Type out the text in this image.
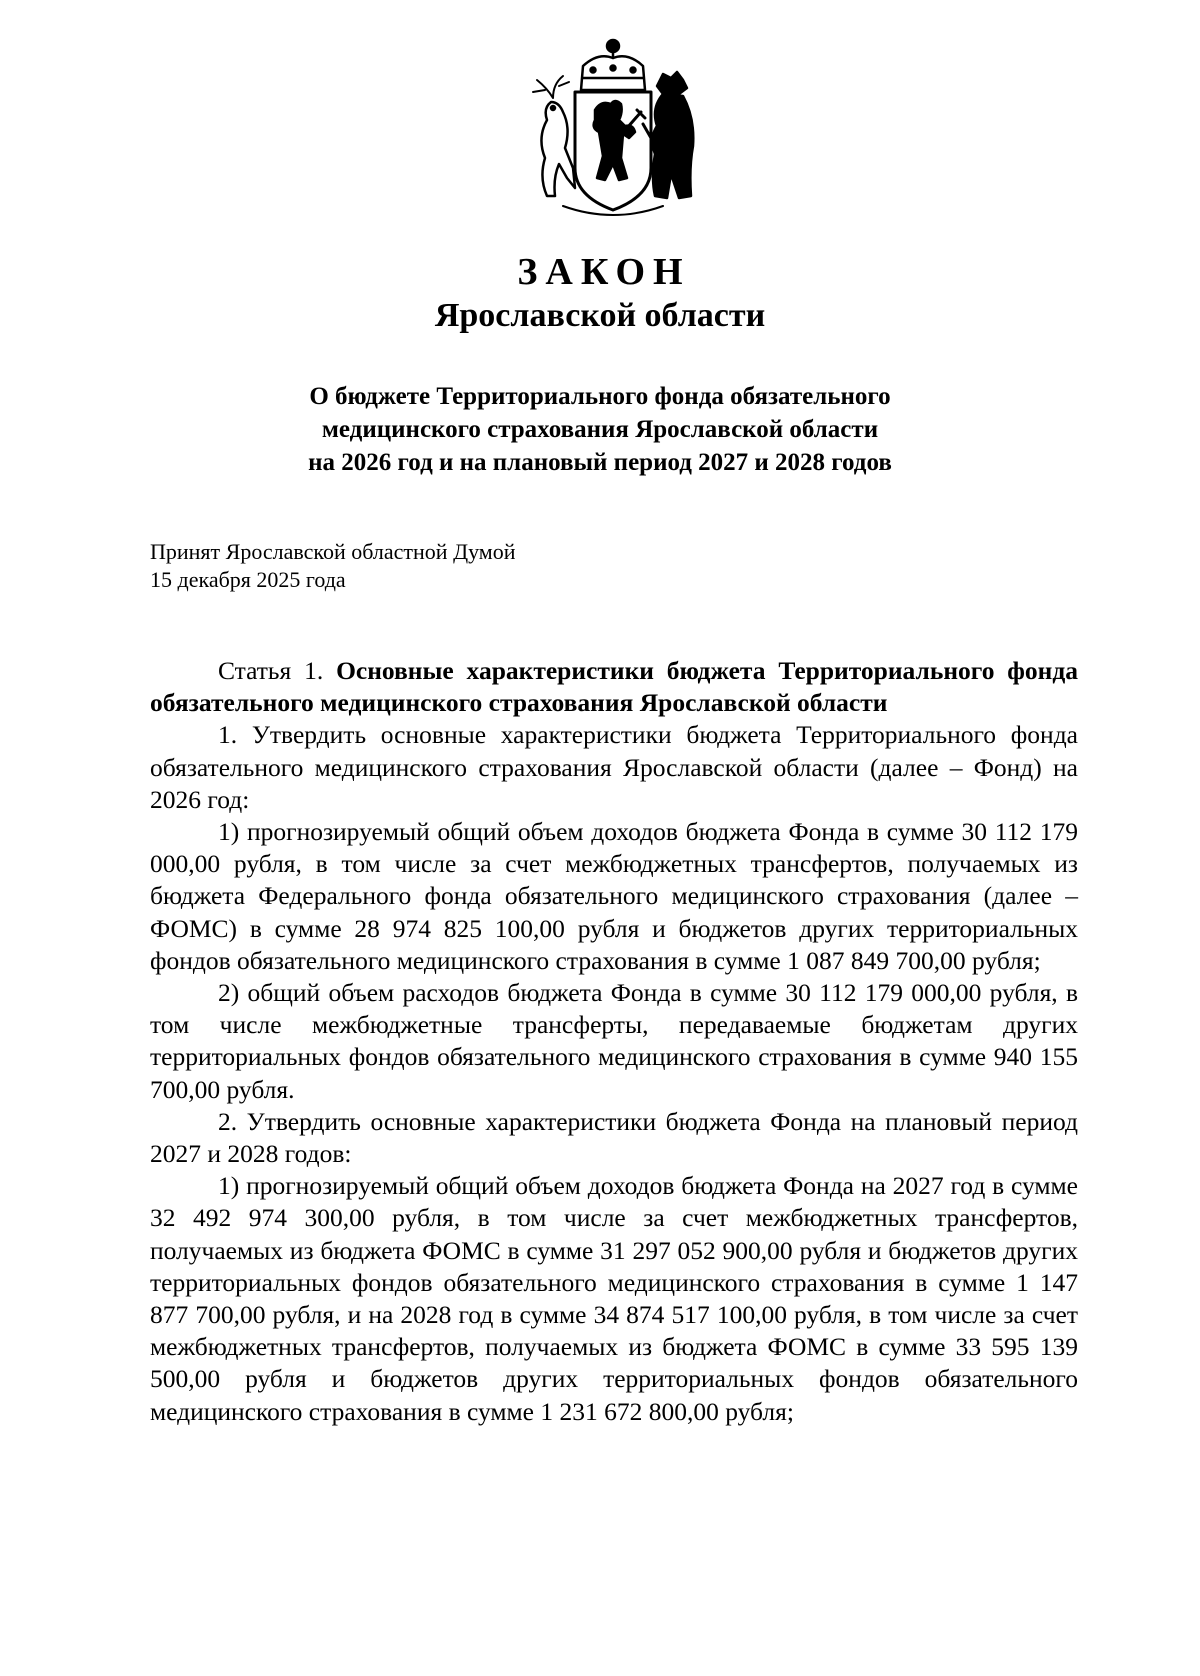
ЗАКОН
Ярославской области
О бюджете Территориального фонда обязательного
медицинского страхования Ярославской области
на 2026 год и на плановый период 2027 и 2028 годов
Принят Ярославской областной Думой
15 декабря 2025 года

Статья 1. Основные характеристики бюджета Территориального фонда обязательного медицинского страхования Ярославской области

1. Утвердить основные характеристики бюджета Территориального фонда обязательного медицинского страхования Ярославской области (далее – Фонд) на 2026 год:

1) прогнозируемый общий объем доходов бюджета Фонда в сумме 30 112 179 000,00 рубля, в том числе за счет межбюджетных трансфертов, получаемых из бюджета Федерального фонда обязательного медицинского страхования (далее – ФОМС) в сумме 28 974 825 100,00 рубля и бюджетов других территориальных фондов обязательного медицинского страхования в сумме 1 087 849 700,00 рубля;

2) общий объем расходов бюджета Фонда в сумме 30 112 179 000,00 рубля, в том числе межбюджетные трансферты, передаваемые бюджетам других территориальных фондов обязательного медицинского страхования в сумме 940 155 700,00 рубля.

2. Утвердить основные характеристики бюджета Фонда на плановый период 2027 и 2028 годов:

1) прогнозируемый общий объем доходов бюджета Фонда на 2027 год в сумме 32 492 974 300,00 рубля, в том числе за счет межбюджетных трансфертов, получаемых из бюджета ФОМС в сумме 31 297 052 900,00 рубля и бюджетов других территориальных фондов обязательного медицинского страхования в сумме 1 147 877 700,00 рубля, и на 2028 год в сумме 34 874 517 100,00 рубля, в том числе за счет межбюджетных трансфертов, получаемых из бюджета ФОМС в сумме 33 595 139 500,00 рубля и бюджетов других территориальных фондов обязательного медицинского страхования в сумме 1 231 672 800,00 рубля;
